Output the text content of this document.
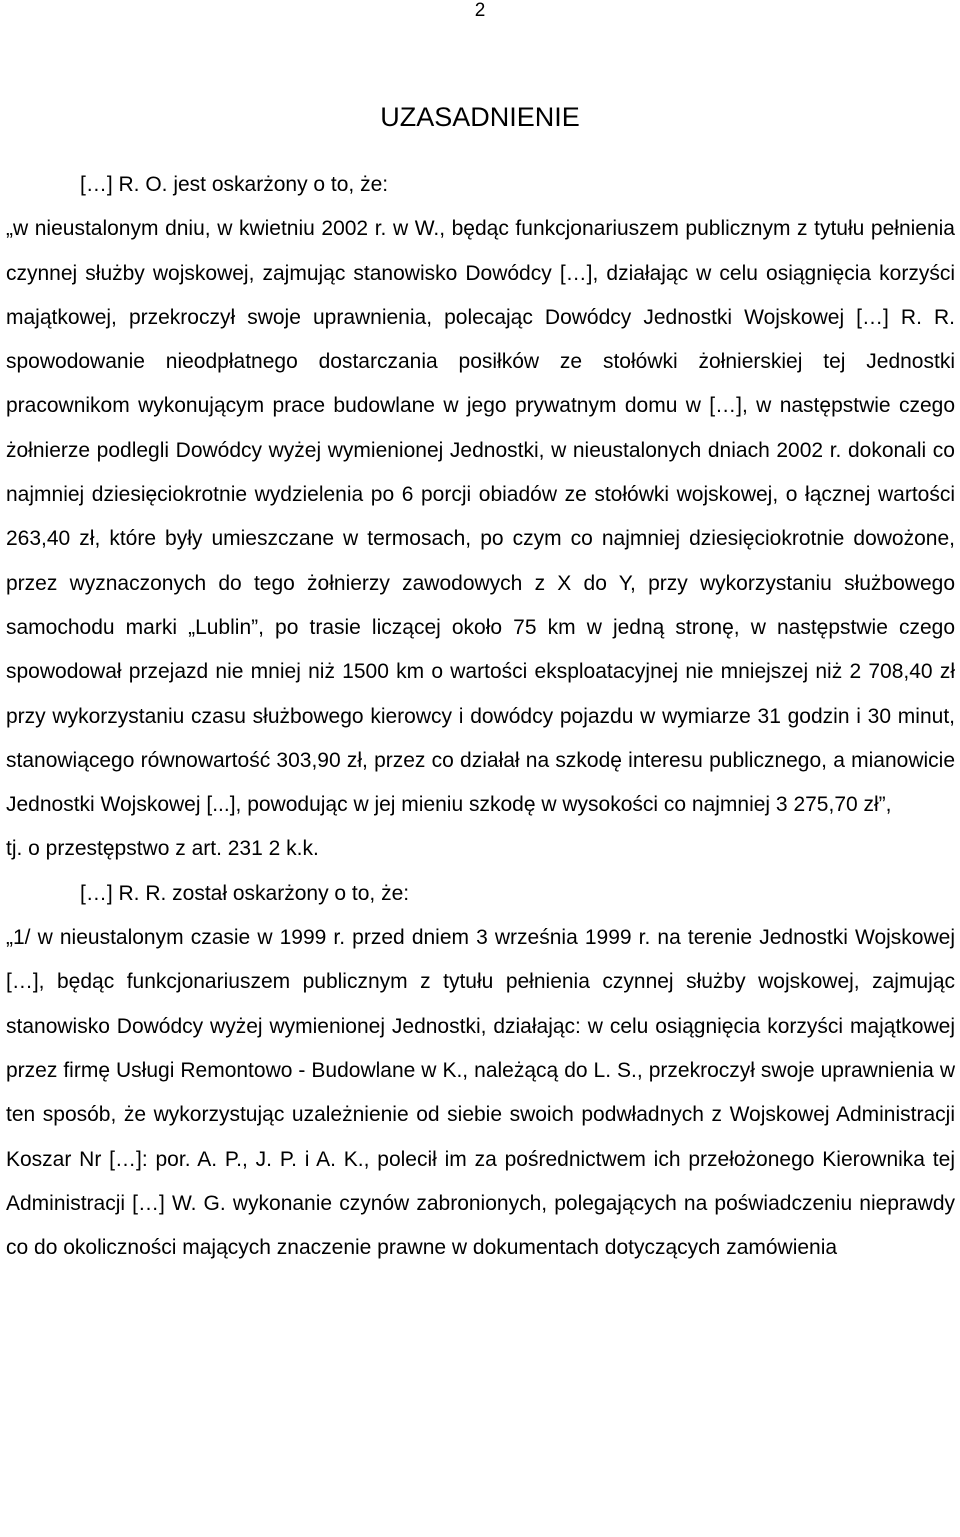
2
UZASADNIENIE

[…] R. O. jest oskarżony o to, że:

„w nieustalonym dniu, w kwietniu 2002 r. w W., będąc funkcjonariuszem publicznym z tytułu pełnienia czynnej służby wojskowej, zajmując stanowisko Dowódcy […], działając w celu osiągnięcia korzyści majątkowej, przekroczył swoje uprawnienia, polecając Dowódcy Jednostki Wojskowej […] R. R. spowodowanie nieodpłatnego dostarczania posiłków ze stołówki żołnierskiej tej Jednostki pracownikom wykonującym prace budowlane w jego prywatnym domu w […], w następstwie czego żołnierze podlegli Dowódcy wyżej wymienionej Jednostki, w nieustalonych dniach 2002 r. dokonali co najmniej dziesięciokrotnie wydzielenia po 6 porcji obiadów ze stołówki wojskowej, o łącznej wartości 263,40 zł, które były umieszczane w termosach, po czym co najmniej dziesięciokrotnie dowożone, przez wyznaczonych do tego żołnierzy zawodowych z X do Y, przy wykorzystaniu służbowego samochodu marki „Lublin”, po trasie liczącej około 75 km w jedną stronę, w następstwie czego spowodował przejazd nie mniej niż 1500 km o wartości eksploatacyjnej nie mniejszej niż 2 708,40 zł przy wykorzystaniu czasu służbowego kierowcy i dowódcy pojazdu w wymiarze 31 godzin i 30 minut, stanowiącego równowartość 303,90 zł, przez co działał na szkodę interesu publicznego, a mianowicie Jednostki Wojskowej [...], powodując w jej mieniu szkodę w wysokości co najmniej 3 275,70 zł”,

tj. o przestępstwo z art. 231 2 k.k.

[…] R. R. został oskarżony o to, że:

„1/ w nieustalonym czasie w 1999 r. przed dniem 3 września 1999 r. na terenie Jednostki Wojskowej […], będąc funkcjonariuszem publicznym z tytułu pełnienia czynnej służby wojskowej, zajmując stanowisko Dowódcy wyżej wymienionej Jednostki, działając: w celu osiągnięcia korzyści majątkowej przez firmę Usługi Remontowo - Budowlane w K., należącą do L. S., przekroczył swoje uprawnienia w ten sposób, że wykorzystując uzależnienie od siebie swoich podwładnych z Wojskowej Administracji Koszar Nr […]: por. A. P., J. P. i A. K., polecił im za pośrednictwem ich przełożonego Kierownika tej Administracji […] W. G. wykonanie czynów zabronionych, polegających na poświadczeniu nieprawdy co do okoliczności mających znaczenie prawne w dokumentach dotyczących zamówienia
